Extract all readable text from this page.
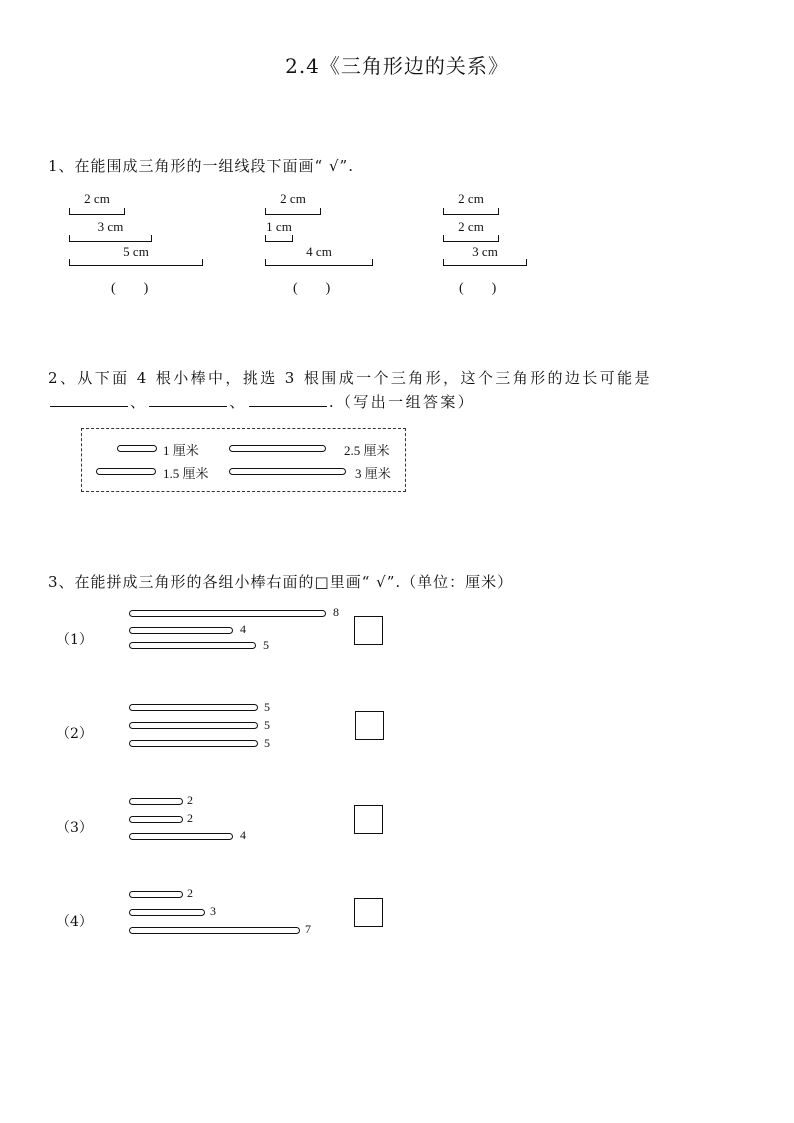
2.4《三角形边的关系》
1、在能围成三角形的一组线段下面画“ √”.
2 cm
3 cm
5 cm
(　　)
2 cm
1 cm
4 cm
(　　)
2 cm
2 cm
3 cm
(　　)
2、从下面 4 根小棒中，挑选 3 根围成一个三角形，这个三角形的边长可能是
、	、	.（写出一组答案）
1 厘米	2.5 厘米
1.5 厘米	3 厘米
3、在能拼成三角形的各组小棒右面的□里画“ √”.（单位：厘米）
（1）
8
4
5
（2）
5
5
5
（3）
2
2
4
（4）
2
3
7
